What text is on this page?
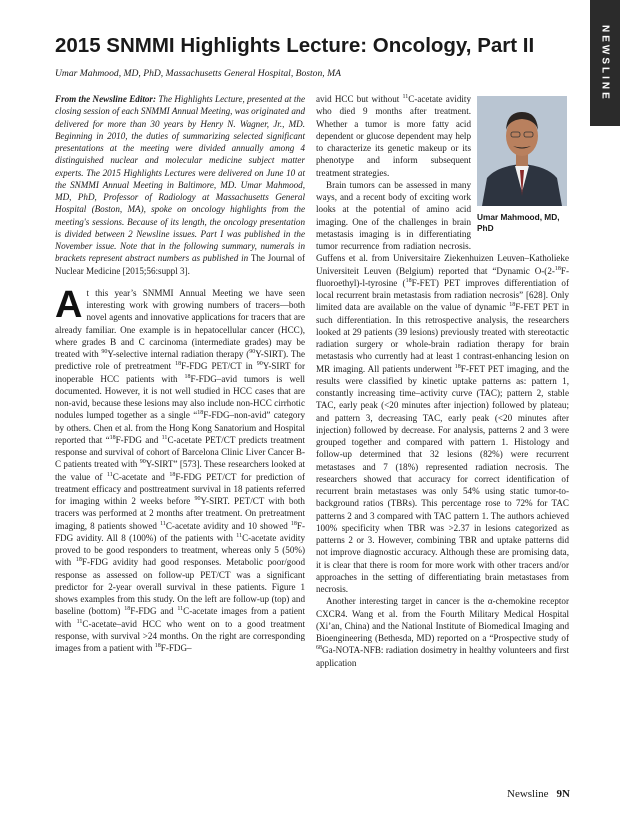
NEWSLINE
2015 SNMMI Highlights Lecture: Oncology, Part II
Umar Mahmood, MD, PhD, Massachusetts General Hospital, Boston, MA

From the Newsline Editor: The Highlights Lecture, presented at the closing session of each SNMMI Annual Meeting, was originated and delivered for more than 30 years by Henry N. Wagner, Jr., MD. Beginning in 2010, the duties of summarizing selected significant presentations at the meeting were divided annually among 4 distinguished nuclear and molecular medicine subject matter experts. The 2015 Highlights Lectures were delivered on June 10 at the SNMMI Annual Meeting in Baltimore, MD. Umar Mahmood, MD, PhD, Professor of Radiology at Massachusetts General Hospital (Boston, MA), spoke on oncology highlights from the meeting's sessions. Because of its length, the oncology presentation is divided between 2 Newsline issues. Part I was published in the November issue. Note that in the following summary, numerals in brackets represent abstract numbers as published in The Journal of Nuclear Medicine [2015;56:suppl 3].

At this year’s SNMMI Annual Meeting we have seen interesting work with growing numbers of tracers—both novel agents and innovative applications for tracers that are already familiar. One example is in hepatocellular cancer (HCC), where grades B and C carcinoma (intermediate grades) may be treated with $^{90}$Y-selective internal radiation therapy ($^{90}$Y-SIRT). The predictive role of pretreatment $^{18}$F-FDG PET/CT in $^{90}$Y-SIRT for inoperable HCC patients with $^{18}$F-FDG–avid tumors is well documented. However, it is not well studied in HCC cases that are non-avid, because these lesions may also include non-HCC cirrhotic nodules lumped together as a single “$^{18}$F-FDG–non-avid” category by others. Chen et al. from the Hong Kong Sanatorium and Hospital reported that “$^{18}$F-FDG and $^{11}$C-acetate PET/CT predicts treatment response and survival of cohort of Barcelona Clinic Liver Cancer B-C patients treated with $^{90}$Y-SIRT” [573]. These researchers looked at the value of $^{11}$C-acetate and $^{18}$F-FDG PET/CT for prediction of treatment efficacy and posttreatment survival in 18 patients referred for imaging within 2 weeks before $^{90}$Y-SIRT. PET/CT with both tracers was performed at 2 months after treatment. On pretreatment imaging, 8 patients showed $^{11}$C-acetate avidity and 10 showed $^{18}$F-FDG avidity. All 8 (100%) of the patients with $^{11}$C-acetate avidity proved to be good responders to treatment, whereas only 5 (50%) with $^{18}$F-FDG avidity had good responses. Metabolic poor/good response as assessed on follow-up PET/CT was a significant predictor for 2-year overall survival in these patients. Figure 1 shows examples from this study. On the left are follow-up (top) and baseline (bottom) $^{18}$F-FDG and $^{11}$C-acetate images from a patient with $^{11}$C-acetate–avid HCC who went on to a good treatment response, with survival >24 months. On the right are corresponding images from a patient with $^{18}$F-FDG–

avid HCC but without $^{11}$C-acetate avidity who died 9 months after treatment. Whether a tumor is more fatty acid dependent or glucose dependent may help to characterize its genetic makeup or its phenotype and inform subsequent treatment strategies.

Brain tumors can be assessed in many ways, and a recent body of exciting work looks at the potential of amino acid imaging. One of the challenges in brain metastasis imaging is in differentiating tumor recurrence from radiation necrosis. Guffens et al. from Universitaire Ziekenhuizen Leuven–Katholieke Universiteit Leuven (Belgium) reported that “Dynamic O-(2-$^{18}$F-fluoroethyl)-l-tyrosine ($^{18}$F-FET) PET improves differentiation of local recurrent brain metastasis from radiation necrosis” [628]. Only limited data are available on the value of dynamic $^{18}$F-FET PET in such differentiation. In this retrospective analysis, the researchers looked at 29 patients (39 lesions) previously treated with stereotactic radiation surgery or whole-brain radiation therapy for brain metastasis who currently had at least 1 contrast-enhancing lesion on MR imaging. All patients underwent $^{18}$F-FET PET imaging, and the results were classified by kinetic uptake patterns as: pattern 1, constantly increasing time–activity curve (TAC); pattern 2, stable TAC, early peak (<20 minutes after injection) followed by plateau; and pattern 3, decreasing TAC, early peak (<20 minutes after injection) followed by decrease. For analysis, patterns 2 and 3 were grouped together and compared with pattern 1. Histology and follow-up determined that 32 lesions (82%) were recurrent metastases and 7 (18%) represented radiation necrosis. The researchers showed that accuracy for correct identification of recurrent brain metastases was only 54% using static tumor-to-background ratios (TBRs). This percentage rose to 72% for TAC patterns 2 and 3 compared with TAC pattern 1. The authors achieved 100% specificity when TBR was >2.37 in lesions categorized as patterns 2 or 3. However, combining TBR and uptake patterns did not improve diagnostic accuracy. Although these are promising data, it is clear that there is room for more work with other tracers and/or approaches in the setting of differentiating brain metastases from necrosis.

Another interesting target in cancer is the α-chemokine receptor CXCR4. Wang et al. from the Fourth Military Medical Hospital (Xi’an, China) and the National Institute of Biomedical Imaging and Bioengineering (Bethesda, MD) reported on a “Prospective study of $^{68}$Ga-NOTA-NFB: radiation dosimetry in healthy volunteers and first application

Umar Mahmood, MD, PhD
Newsline 9N
